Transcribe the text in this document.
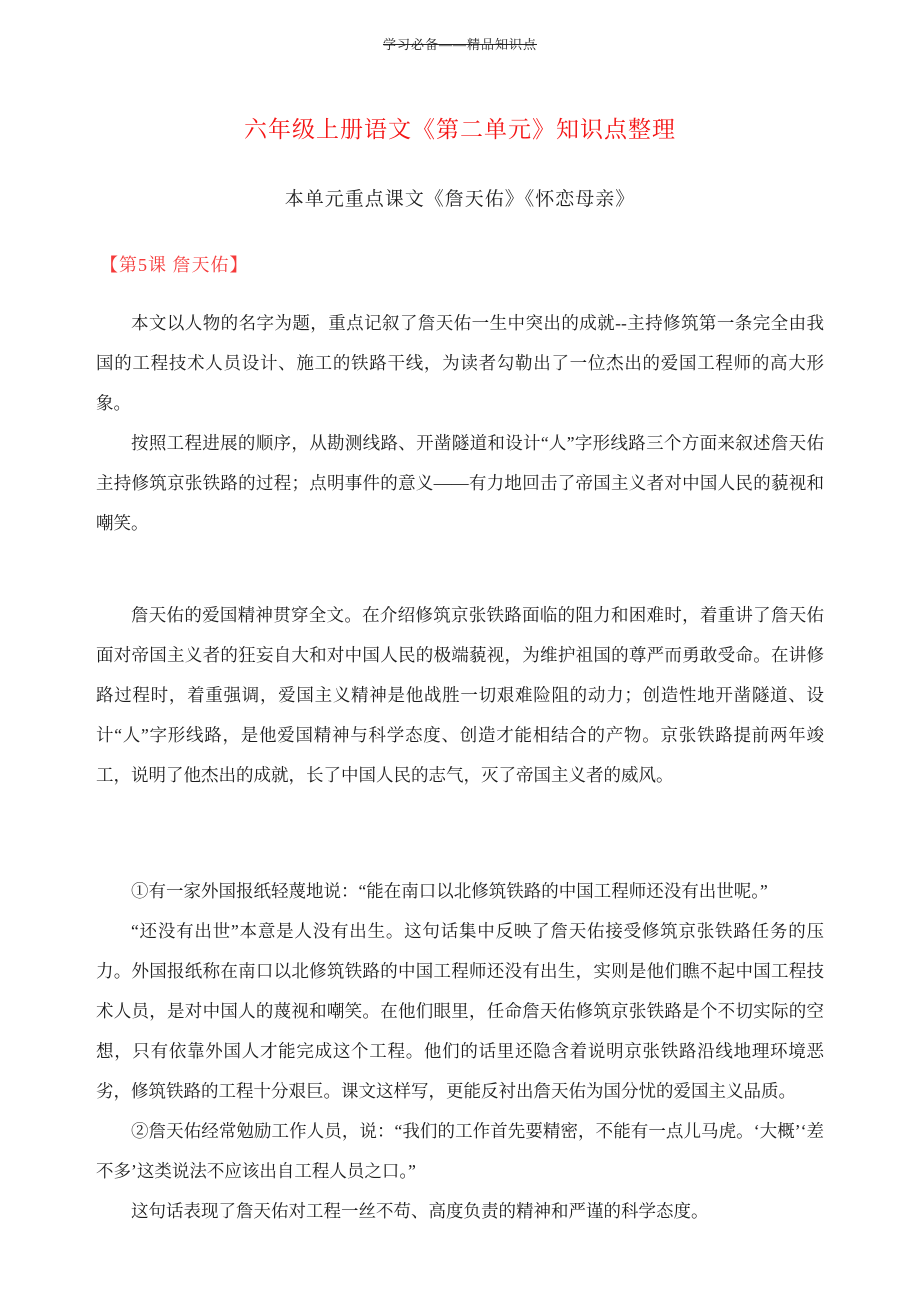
学习必备——精品知识点
六年级上册语文《第二单元》知识点整理
本单元重点课文《詹天佑》《怀恋母亲》
【第5课 詹天佑】

本文以人物的名字为题，重点记叙了詹天佑一生中突出的成就--主持修筑第一条完全由我国的工程技术人员设计、施工的铁路干线，为读者勾勒出了一位杰出的爱国工程师的高大形象。

按照工程进展的顺序，从勘测线路、开凿隧道和设计“人”字形线路三个方面来叙述詹天佑主持修筑京张铁路的过程；点明事件的意义——有力地回击了帝国主义者对中国人民的藐视和嘲笑。

詹天佑的爱国精神贯穿全文。在介绍修筑京张铁路面临的阻力和困难时，着重讲了詹天佑面对帝国主义者的狂妄自大和对中国人民的极端藐视，为维护祖国的尊严而勇敢受命。在讲修路过程时，着重强调，爱国主义精神是他战胜一切艰难险阻的动力；创造性地开凿隧道、设计“人”字形线路，是他爱国精神与科学态度、创造才能相结合的产物。京张铁路提前两年竣工，说明了他杰出的成就，长了中国人民的志气，灭了帝国主义者的威风。

①有一家外国报纸轻蔑地说：“能在南口以北修筑铁路的中国工程师还没有出世呢。”

“还没有出世”本意是人没有出生。这句话集中反映了詹天佑接受修筑京张铁路任务的压力。外国报纸称在南口以北修筑铁路的中国工程师还没有出生，实则是他们瞧不起中国工程技术人员，是对中国人的蔑视和嘲笑。在他们眼里，任命詹天佑修筑京张铁路是个不切实际的空想，只有依靠外国人才能完成这个工程。他们的话里还隐含着说明京张铁路沿线地理环境恶劣，修筑铁路的工程十分艰巨。课文这样写，更能反衬出詹天佑为国分忧的爱国主义品质。

②詹天佑经常勉励工作人员，说：“我们的工作首先要精密，不能有一点儿马虎。‘大概’‘差不多’这类说法不应该出自工程人员之口。”

这句话表现了詹天佑对工程一丝不苟、高度负责的精神和严谨的科学态度。
